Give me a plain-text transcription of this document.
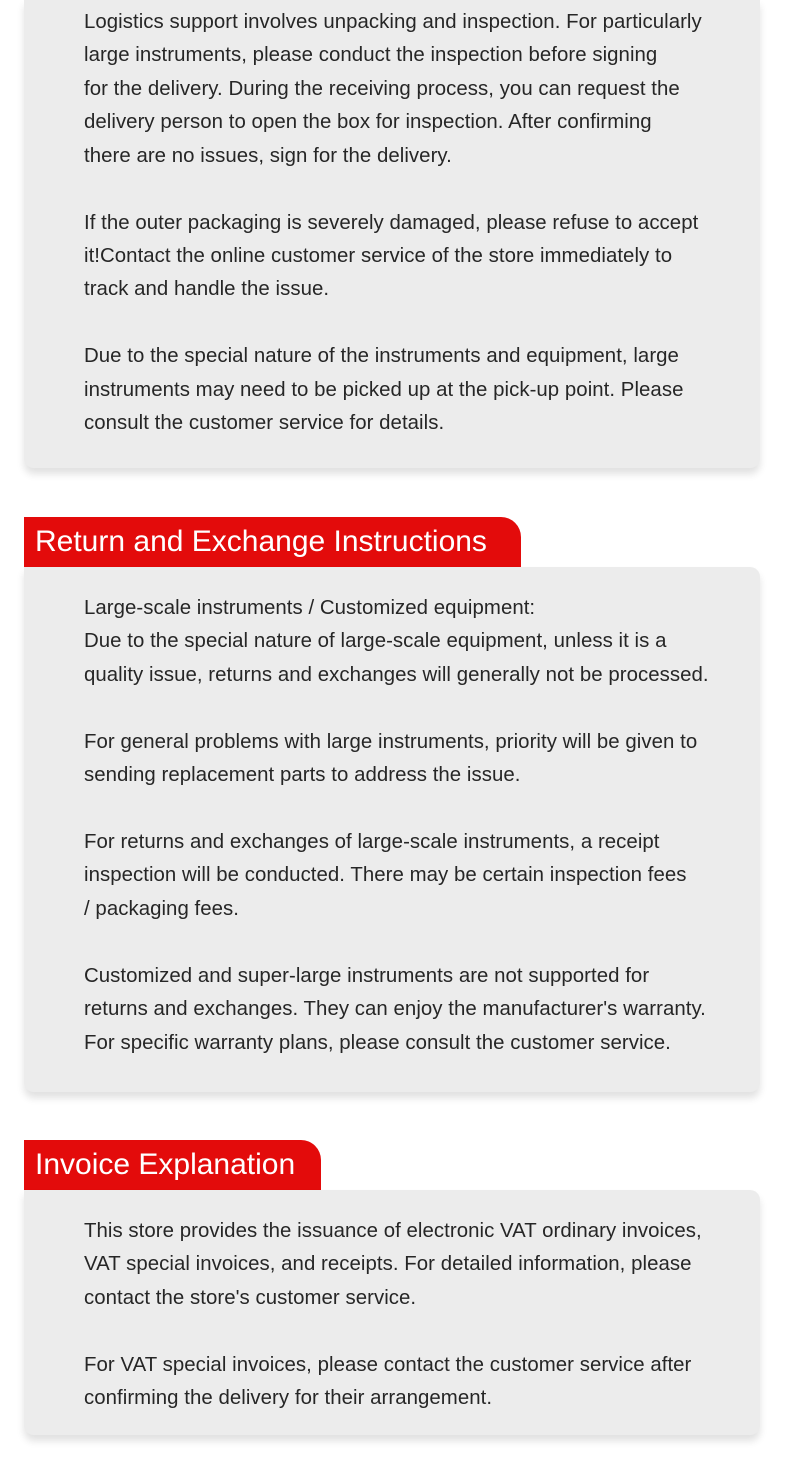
Logistics support involves unpacking and inspection. For particularly
large instruments, please conduct the inspection before signing
for the delivery. During the receiving process, you can request the
delivery person to open the box for inspection. After confirming
there are no issues, sign for the delivery.

If the outer packaging is severely damaged, please refuse to accept
it!Contact the online customer service of the store immediately to
track and handle the issue.

Due to the special nature of the instruments and equipment, large
instruments may need to be picked up at the pick-up point. Please
consult the customer service for details.

Return and Exchange Instructions

Large-scale instruments / Customized equipment:
Due to the special nature of large-scale equipment, unless it is a
quality issue, returns and exchanges will generally not be processed.

For general problems with large instruments, priority will be given to
sending replacement parts to address the issue.

For returns and exchanges of large-scale instruments, a receipt
inspection will be conducted. There may be certain inspection fees
/ packaging fees.

Customized and super-large instruments are not supported for
returns and exchanges. They can enjoy the manufacturer's warranty.
For specific warranty plans, please consult the customer service.

Invoice Explanation

This store provides the issuance of electronic VAT ordinary invoices,
VAT special invoices, and receipts. For detailed information, please
contact the store's customer service.

For VAT special invoices, please contact the customer service after
confirming the delivery for their arrangement.
